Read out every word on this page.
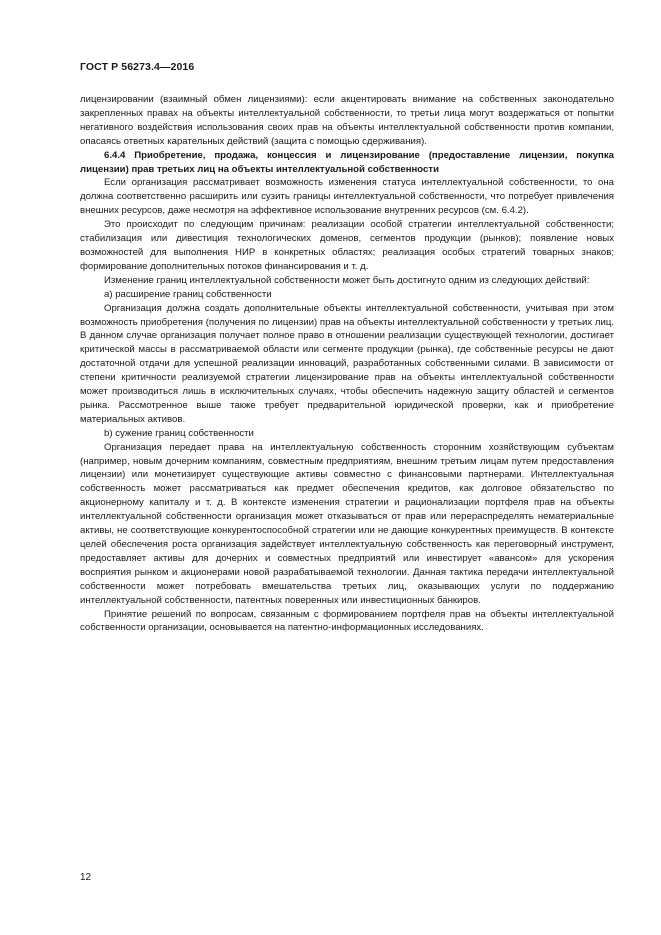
ГОСТ Р 56273.4—2016

лицензировании (взаимный обмен лицензиями): если акцентировать внимание на собственных законодательно закрепленных правах на объекты интеллектуальной собственности, то третьи лица могут воздержаться от попытки негативного воздействия использования своих прав на объекты интеллектуальной собственности против компании, опасаясь ответных карательных действий (защита с помощью сдерживания).

6.4.4 Приобретение, продажа, концессия и лицензирование (предоставление лицензии, покупка лицензии) прав третьих лиц на объекты интеллектуальной собственности

Если организация рассматривает возможность изменения статуса интеллектуальной собственности, то она должна соответственно расширить или сузить границы интеллектуальной собственности, что потребует привлечения внешних ресурсов, даже несмотря на эффективное использование внутренних ресурсов (см. 6.4.2).

Это происходит по следующим причинам: реализации особой стратегии интеллектуальной собственности; стабилизация или дивестиция технологических доменов, сегментов продукции (рынков); появление новых возможностей для выполнения НИР в конкретных областях; реализация особых стратегий товарных знаков; формирование дополнительных потоков финансирования и т. д.

Изменение границ интеллектуальной собственности может быть достигнуто одним из следующих действий:

а) расширение границ собственности

Организация должна создать дополнительные объекты интеллектуальной собственности, учитывая при этом возможность приобретения (получения по лицензии) прав на объекты интеллектуальной собственности у третьих лиц. В данном случае организация получает полное право в отношении реализации существующей технологии, достигает критической массы в рассматриваемой области или сегменте продукции (рынка), где собственные ресурсы не дают достаточной отдачи для успешной реализации инноваций, разработанных собственными силами. В зависимости от степени критичности реализуемой стратегии лицензирование прав на объекты интеллектуальной собственности может производиться лишь в исключительных случаях, чтобы обеспечить надежную защиту областей и сегментов рынка. Рассмотренное выше также требует предварительной юридической проверки, как и приобретение материальных активов.

b) сужение границ собственности

Организация передает права на интеллектуальную собственность сторонним хозяйствующим субъектам (например, новым дочерним компаниям, совместным предприятиям, внешним третьим лицам путем предоставления лицензии) или монетизирует существующие активы совместно с финансовыми партнерами. Интеллектуальная собственность может рассматриваться как предмет обеспечения кредитов, как долговое обязательство по акционерному капиталу и т. д. В контексте изменения стратегии и рационализации портфеля прав на объекты интеллектуальной собственности организация может отказываться от прав или перераспределять нематериальные активы, не соответствующие конкурентоспособной стратегии или не дающие конкурентных преимуществ. В контексте целей обеспечения роста организация задействует интеллектуальную собственность как переговорный инструмент, предоставляет активы для дочерних и совместных предприятий или инвестирует «авансом» для ускорения восприятия рынком и акционерами новой разрабатываемой технологии. Данная тактика передачи интеллектуальной собственности может потребовать вмешательства третьих лиц, оказывающих услуги по поддержанию интеллектуальной собственности, патентных поверенных или инвестиционных банкиров.

Принятие решений по вопросам, связанным с формированием портфеля прав на объекты интеллектуальной собственности организации, основывается на патентно-информационных исследованиях.

12
